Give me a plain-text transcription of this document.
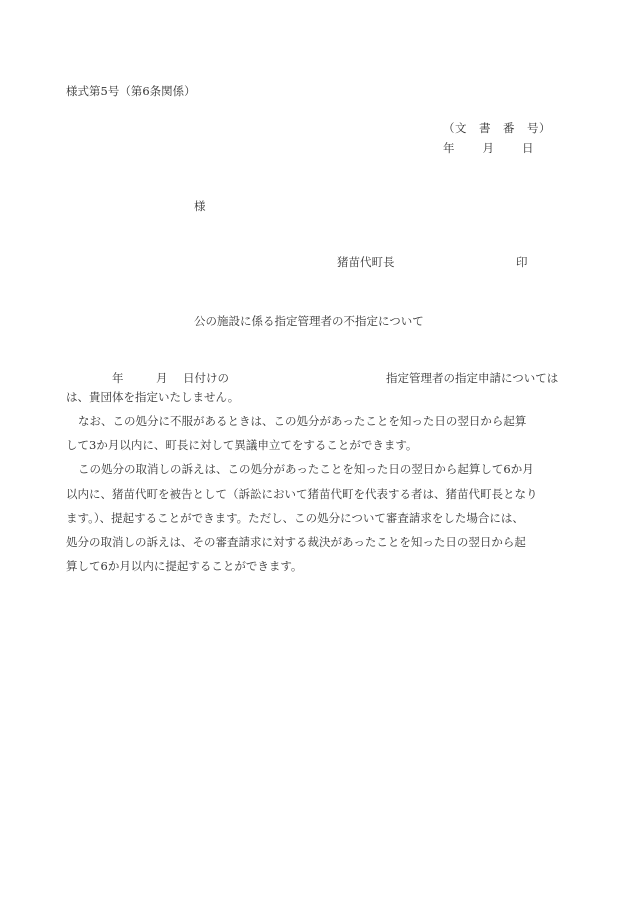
様式第5号（第6条関係）
（文　書　番　号）
年 月 日
様
猪苗代町長	印
公の施設に係る指定管理者の不指定について
年	月 日付けの	指定管理者の指定申請については
は、貴団体を指定いたしません。
なお、この処分に不服があるときは、この処分があったことを知った日の翌日から起算
して3か月以内に、町長に対して異議申立てをすることができます。
この処分の取消しの訴えは、この処分があったことを知った日の翌日から起算して6か月
以内に、猪苗代町を被告として（訴訟において猪苗代町を代表する者は、猪苗代町長となり
ます。）、提起することができます。ただし、この処分について審査請求をした場合には、
処分の取消しの訴えは、その審査請求に対する裁決があったことを知った日の翌日から起
算して6か月以内に提起することができます。
